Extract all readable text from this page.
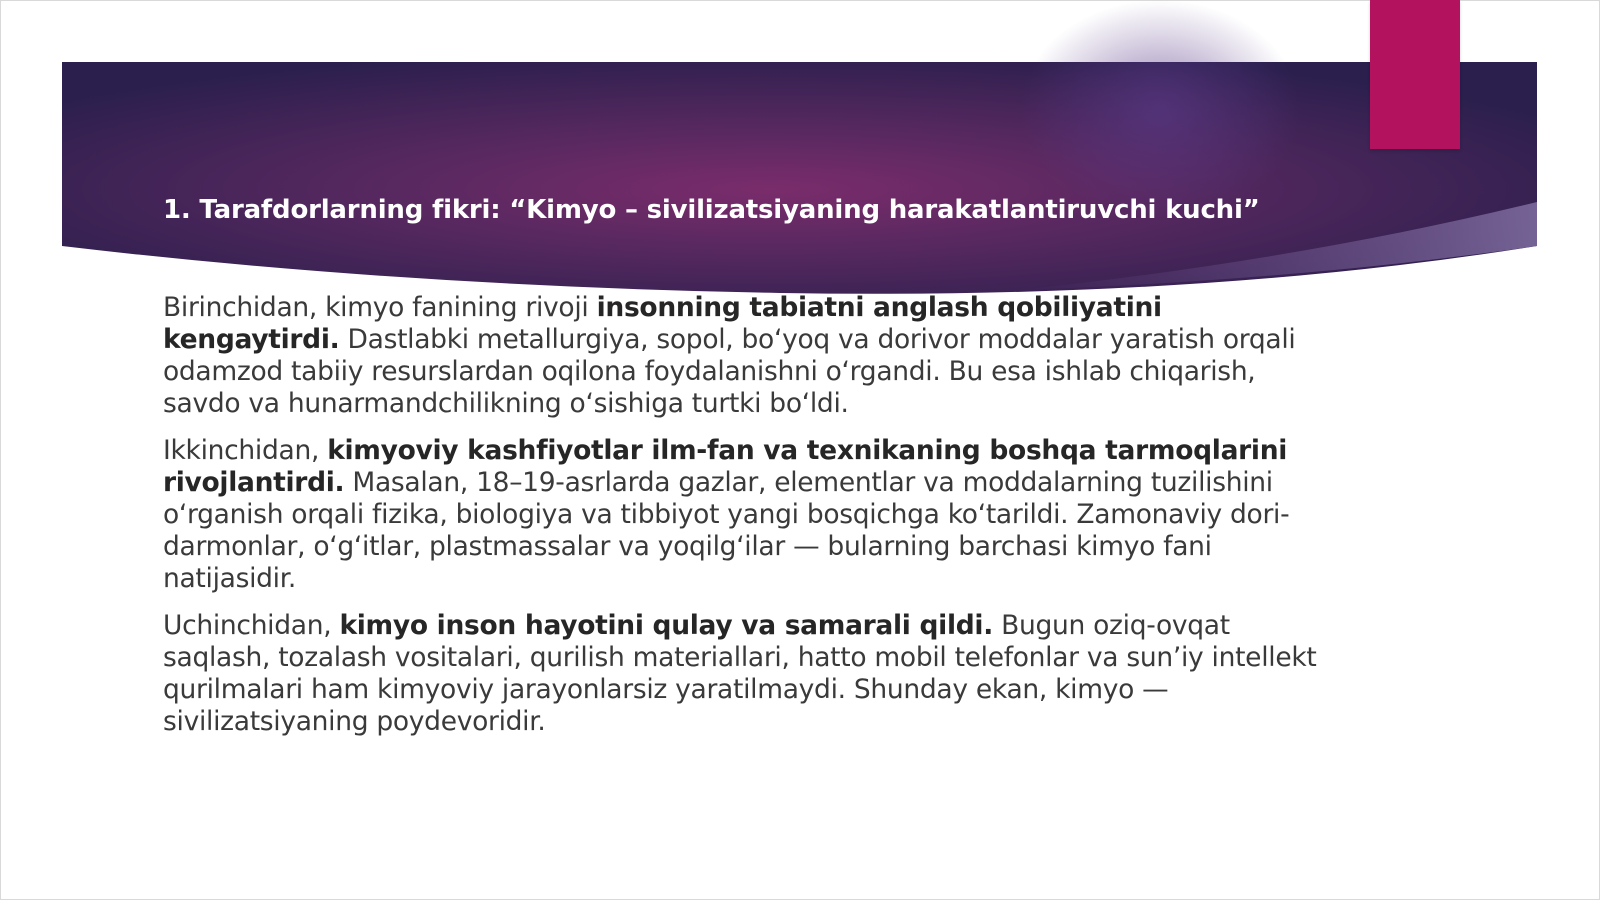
1. Tarafdorlarning fikri: “Kimyo – sivilizatsiyaning harakatlantiruvchi kuchi”

Birinchidan, kimyo fanining rivoji insonning tabiatni anglash qobiliyatini kengaytirdi. Dastlabki metallurgiya, sopol, bo‘yoq va dorivor moddalar yaratish orqali odamzod tabiiy resurslardan oqilona foydalanishni o‘rgandi. Bu esa ishlab chiqarish, savdo va hunarmandchilikning o‘sishiga turtki bo‘ldi.

Ikkinchidan, kimyoviy kashfiyotlar ilm-fan va texnikaning boshqa tarmoqlarini rivojlantirdi. Masalan, 18–19-asrlarda gazlar, elementlar va moddalarning tuzilishini o‘rganish orqali fizika, biologiya va tibbiyot yangi bosqichga ko‘tarildi. Zamonaviy dori-darmonlar, o‘g‘itlar, plastmassalar va yoqilg‘ilar — bularning barchasi kimyo fani natijasidir.

Uchinchidan, kimyo inson hayotini qulay va samarali qildi. Bugun oziq-ovqat saqlash, tozalash vositalari, qurilish materiallari, hatto mobil telefonlar va sun’iy intellekt qurilmalari ham kimyoviy jarayonlarsiz yaratilmaydi. Shunday ekan, kimyo — sivilizatsiyaning poydevoridir.
